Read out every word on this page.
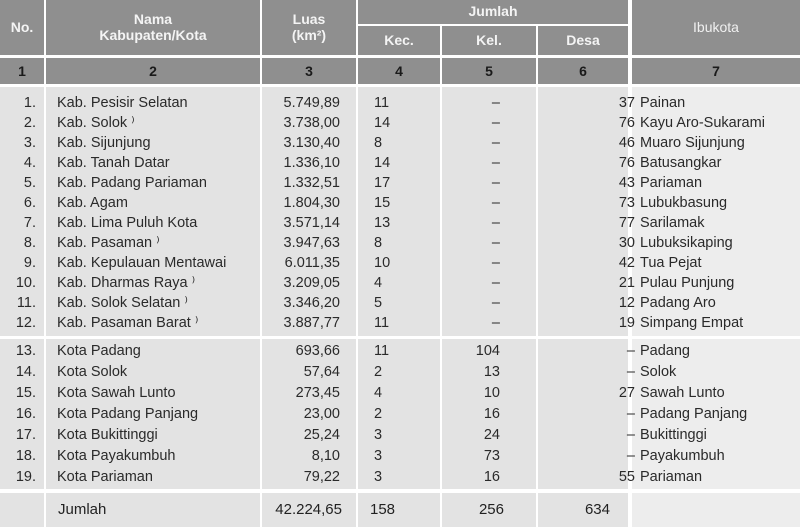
No.	Nama
Kabupaten/Kota
Luas
(km²)
Jumlah
Kec.	Kel.	Desa
Ibukota
1	2	3	4	5	6	7
1. Kab. Pesisir Selatan	5.749,89 11	–	37 Painan
2. Kab. Solok ⁾	3.738,00 14	–	76 Kayu Aro-Sukarami
3. Kab. Sijunjung	3.130,40 8	–	46 Muaro Sijunjung
4. Kab. Tanah Datar	1.336,10 14	–	76 Batusangkar
5. Kab. Padang Pariaman	1.332,51 17	–	43 Pariaman
6. Kab. Agam	1.804,30 15	–	73 Lubukbasung
7. Kab. Lima Puluh Kota	3.571,14 13	–	77 Sarilamak
8. Kab. Pasaman ⁾	3.947,63 8	–	30 Lubuksikaping
9. Kab. Kepulauan Mentawai	6.011,35 10	–	42 Tua Pejat
10. Kab. Dharmas Raya ⁾	3.209,05 4	–	21 Pulau Punjung
11. Kab. Solok Selatan ⁾	3.346,20 5	–	12 Padang Aro
12. Kab. Pasaman Barat ⁾	3.887,77 11	–	19 Simpang Empat
13. Kota Padang	693,66 11	104	– Padang
14. Kota Solok	57,64 2	13	– Solok
15. Kota Sawah Lunto	273,45 4	10	27 Sawah Lunto
16. Kota Padang Panjang	23,00 2	16	– Padang Panjang
17. Kota Bukittinggi	25,24 3	24	– Bukittinggi
18. Kota Payakumbuh	8,10 3	73	– Payakumbuh
19. Kota Pariaman	79,22 3	16	55 Pariaman
Jumlah	42.224,65 158	256	634
